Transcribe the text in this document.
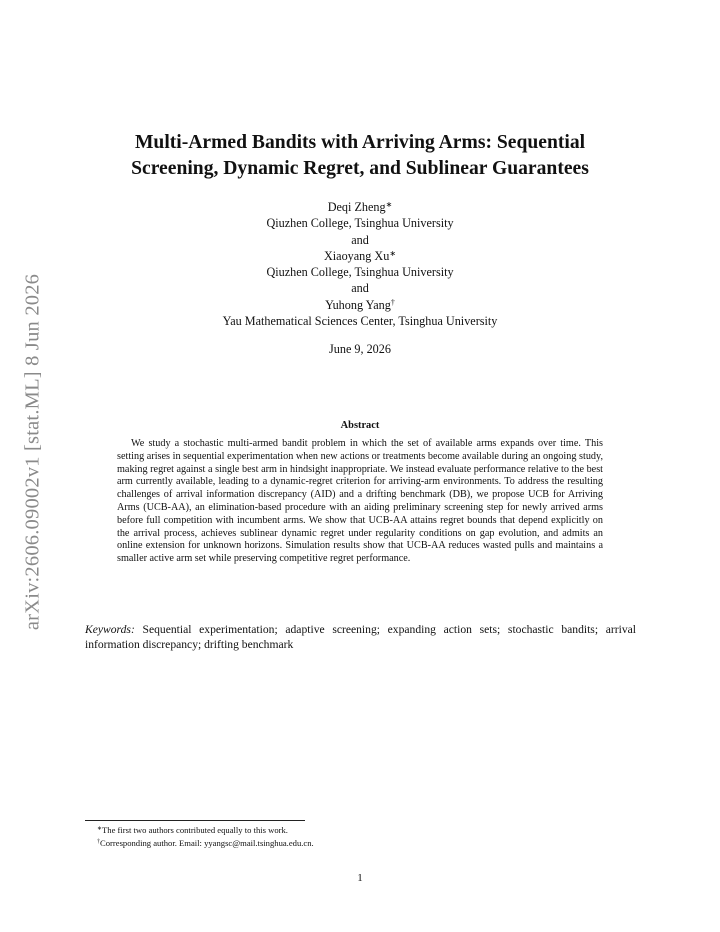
arXiv:2606.09002v1 [stat.ML] 8 Jun 2026
Multi-Armed Bandits with Arriving Arms: Sequential
Screening, Dynamic Regret, and Sublinear Guarantees
Deqi Zheng∗
Qiuzhen College, Tsinghua University
and
Xiaoyang Xu∗
Qiuzhen College, Tsinghua University
and
Yuhong Yang†
Yau Mathematical Sciences Center, Tsinghua University
June 9, 2026
Abstract

We study a stochastic multi-armed bandit problem in which the set of available arms expands over time. This setting arises in sequential experimentation when new actions or treatments become available during an ongoing study, making regret against a single best arm in hindsight inappropriate. We instead evaluate performance relative to the best arm currently available, leading to a dynamic-regret criterion for arriving-arm environments. To address the resulting challenges of arrival information discrepancy (AID) and a drifting benchmark (DB), we propose UCB for Arriving Arms (UCB-AA), an elimination-based procedure with an aiding preliminary screening step for newly arrived arms before full competition with incumbent arms. We show that UCB-AA attains regret bounds that depend explicitly on the arrival process, achieves sublinear dynamic regret under regularity conditions on gap evolution, and admits an online extension for unknown horizons. Simulation results show that UCB-AA reduces wasted pulls and maintains a smaller active arm set while preserving competitive regret performance.

Keywords: Sequential experimentation; adaptive screening; expanding action sets; stochastic bandits; arrival information discrepancy; drifting benchmark

∗The first two authors contributed equally to this work.
†Corresponding author. Email: yyangsc@mail.tsinghua.edu.cn.
1
